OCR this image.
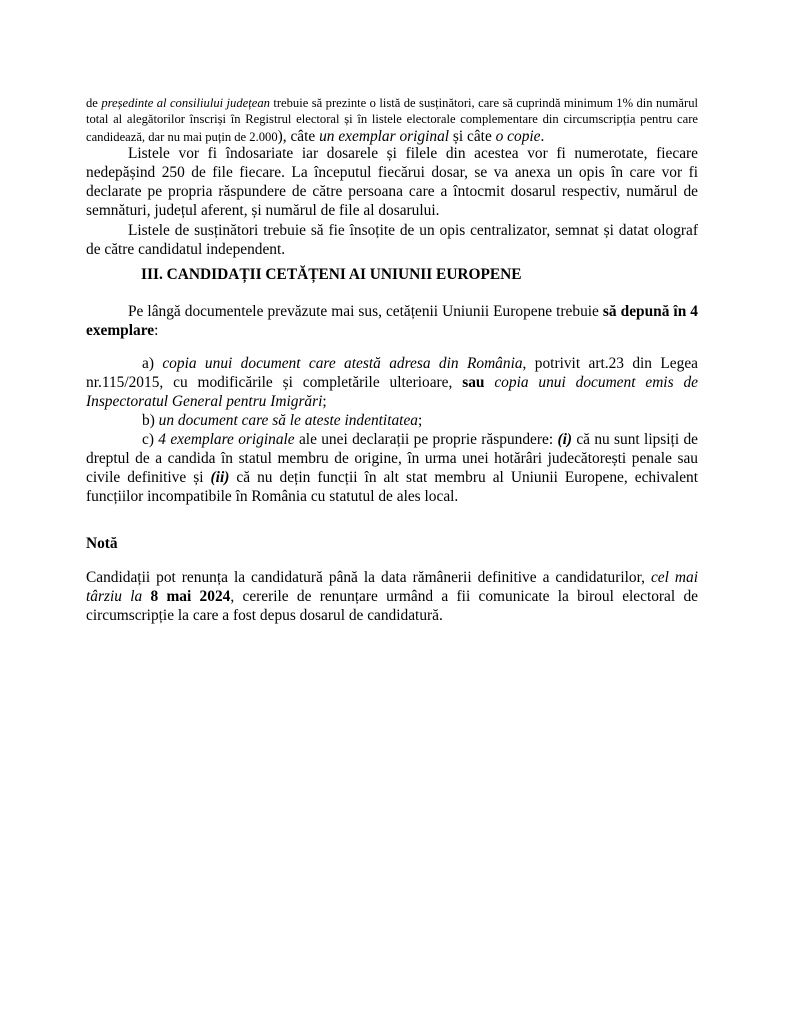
de președinte al consiliului județean trebuie să prezinte o listă de susținători, care să cuprindă minimum 1% din numărul total al alegătorilor înscriși în Registrul electoral și în listele electorale complementare din circumscripția pentru care candidează, dar nu mai puțin de 2.000), câte un exemplar original și câte o copie.

Listele vor fi îndosariate iar dosarele și filele din acestea vor fi numerotate, fiecare nedepășind 250 de file fiecare. La începutul fiecărui dosar, se va anexa un opis în care vor fi declarate pe propria răspundere de către persoana care a întocmit dosarul respectiv, numărul de semnături, județul aferent, și numărul de file al dosarului.

Listele de susținători trebuie să fie însoțite de un opis centralizator, semnat și datat olograf de către candidatul independent.

III. CANDIDAȚII CETĂȚENI AI UNIUNII EUROPENE

Pe lângă documentele prevăzute mai sus, cetățenii Uniunii Europene trebuie să depună în 4 exemplare:

a) copia unui document care atestă adresa din România, potrivit art.23 din Legea nr.115/2015, cu modificările și completările ulterioare, sau copia unui document emis de Inspectoratul General pentru Imigrări;

b) un document care să le ateste indentitatea;

c) 4 exemplare originale ale unei declarații pe proprie răspundere: (i) că nu sunt lipsiți de dreptul de a candida în statul membru de origine, în urma unei hotărâri judecătorești penale sau civile definitive și (ii) că nu dețin funcții în alt stat membru al Uniunii Europene, echivalent funcțiilor incompatibile în România cu statutul de ales local.

Notă

Candidații pot renunța la candidatură până la data rămânerii definitive a candidaturilor, cel mai târziu la 8 mai 2024, cererile de renunțare urmând a fii comunicate la biroul electoral de circumscripție la care a fost depus dosarul de candidatură.
